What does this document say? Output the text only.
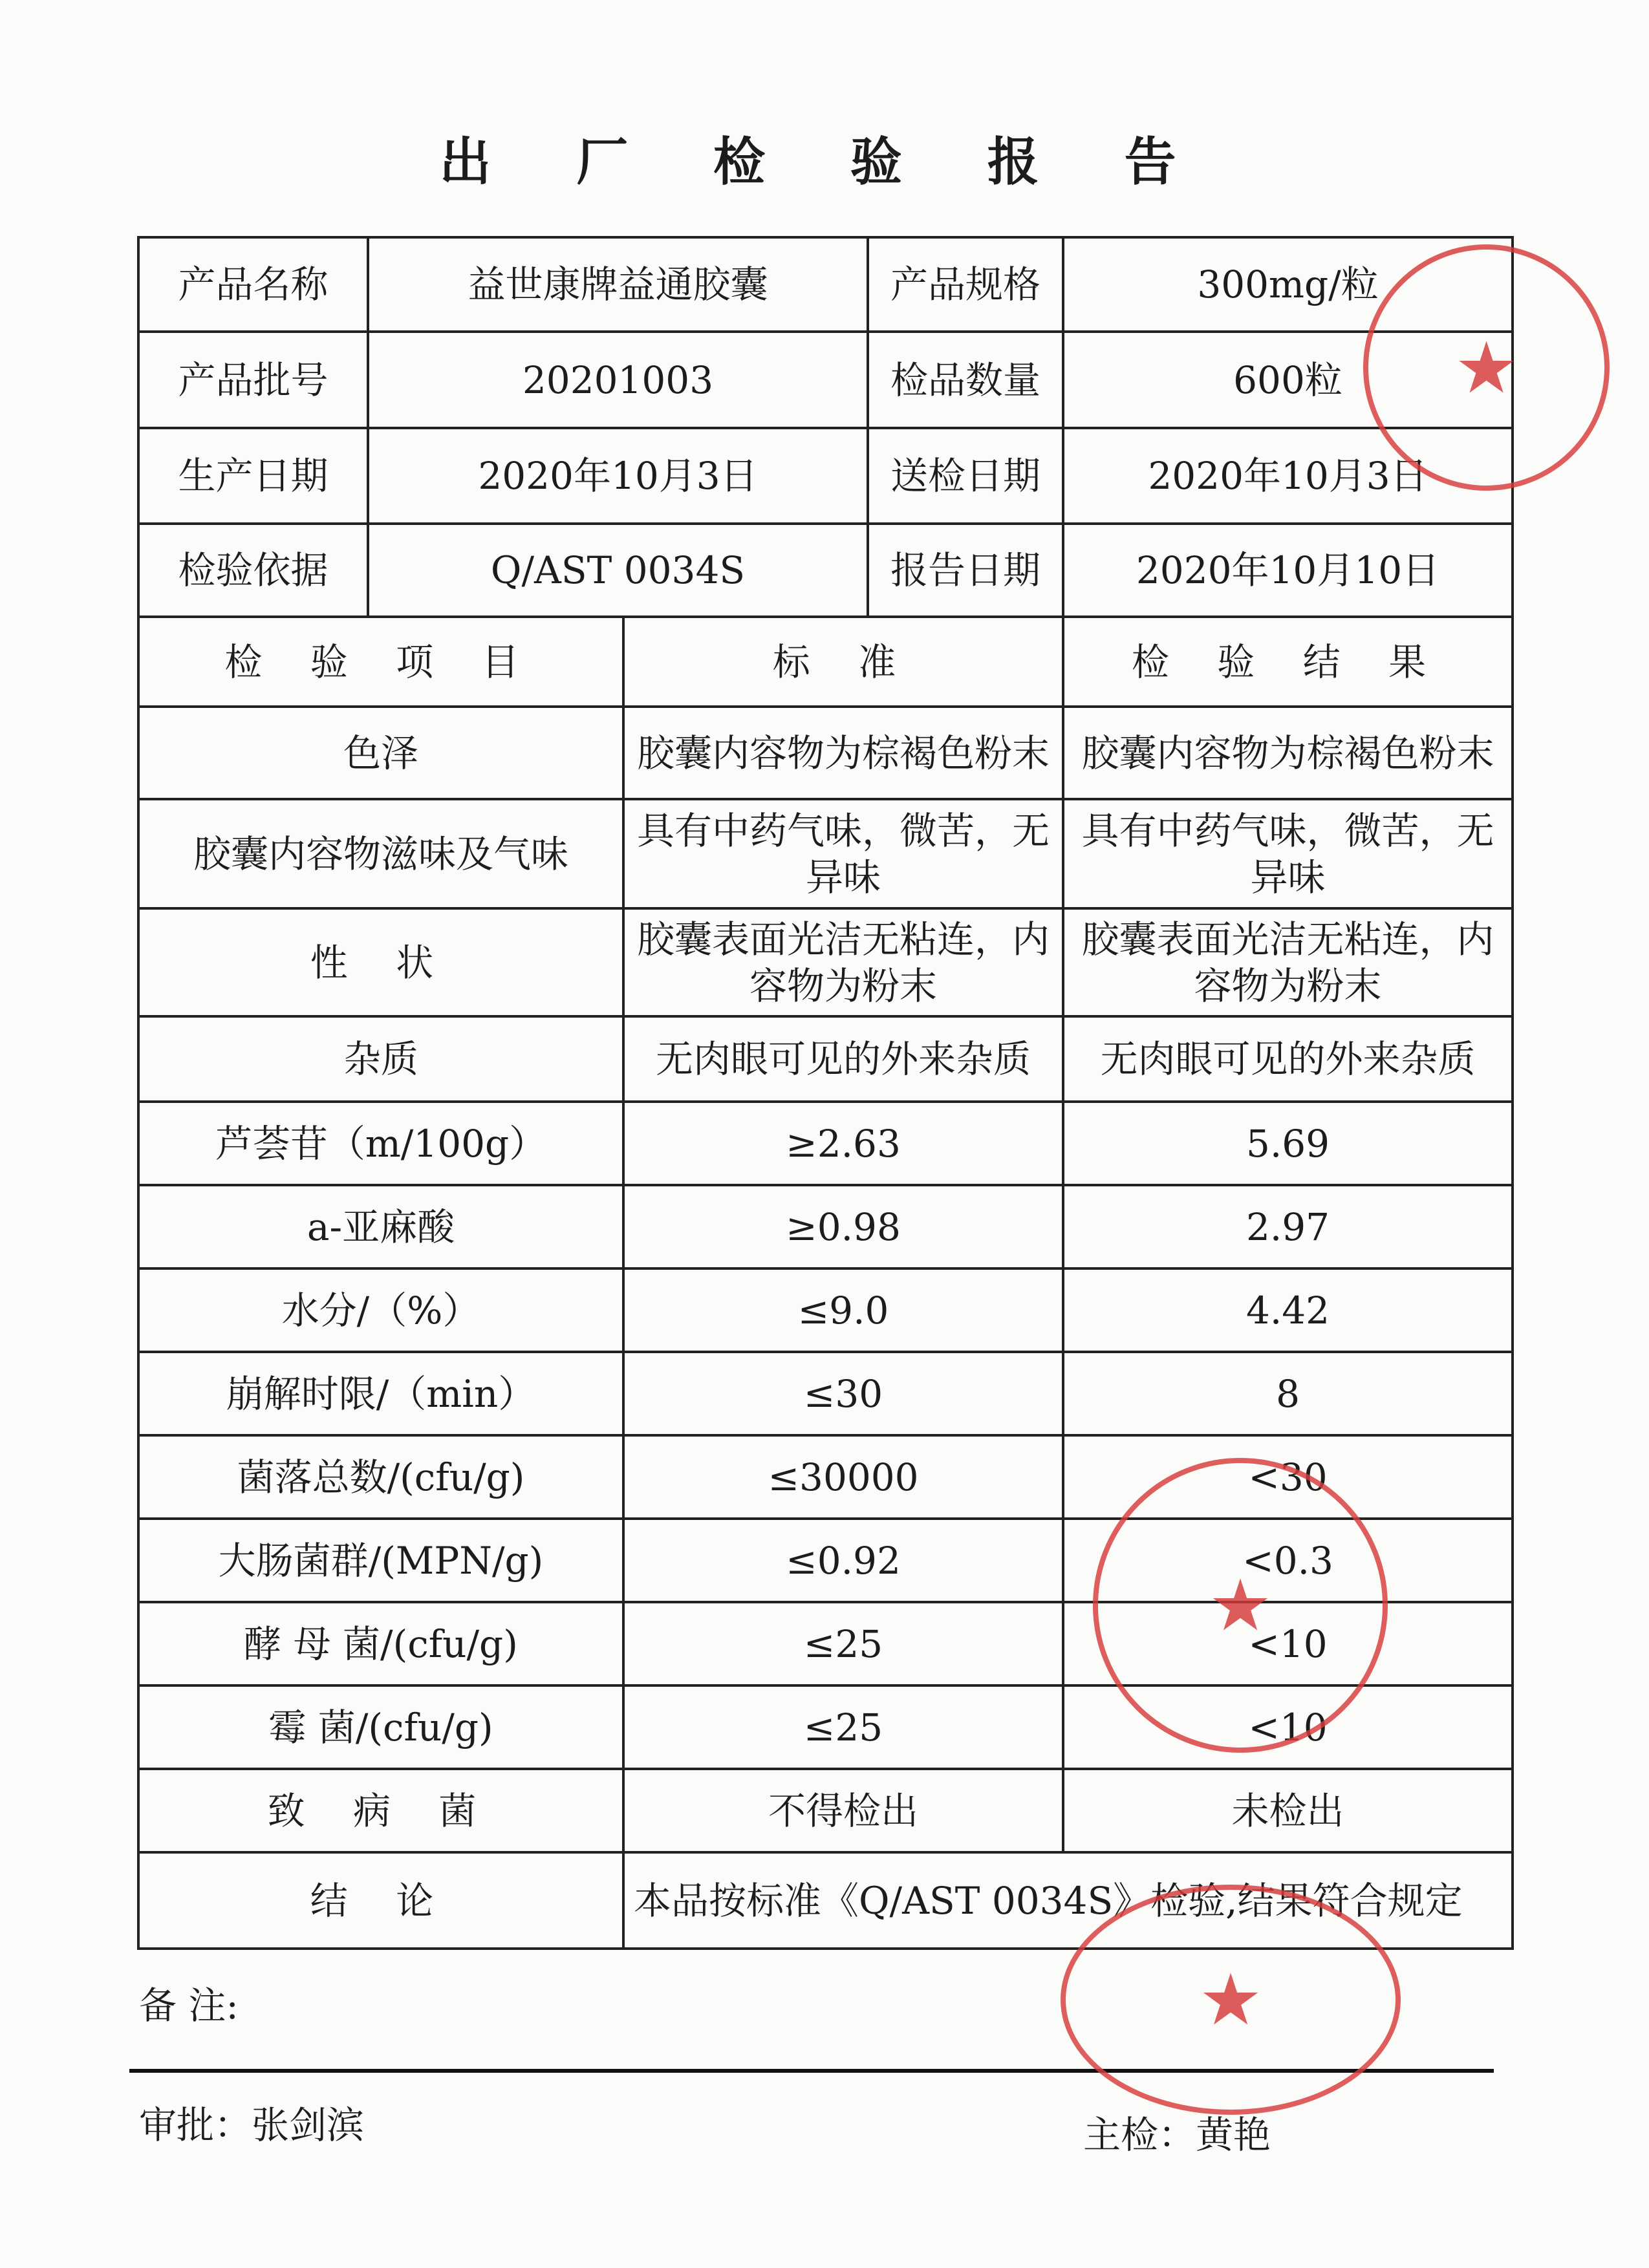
出 厂 检 验 报 告
产品名称	益世康牌益通胶囊		产品规格	300mg/粒
产品批号	20201003		检品数量	600粒
生产日期	2020年10月3日		送检日期	2020年10月3日
检验依据	Q/AST 0034S		报告日期	2020年10月10日
检 验 项 目		标 准		检 验 结 果
色泽		胶囊内容物为棕褐色粉末		胶囊内容物为棕褐色粉末
胶囊内容物滋味及气味		具有中药气味，微苦，无异味		具有中药气味，微苦，无异味
性 状		胶囊表面光洁无粘连，内容物为粉末		胶囊表面光洁无粘连，内容物为粉末
杂质		无肉眼可见的外来杂质		无肉眼可见的外来杂质
芦荟苷（m/100g）		≥2.63		5.69
a-亚麻酸		≥0.98		2.97
水分/（%）		≤9.0		4.42
崩解时限/（min）		≤30		8
菌落总数/(cfu/g)		≤30000		<30
大肠菌群/(MPN/g)		≤0.92		<0.3
酵 母 菌/(cfu/g)		≤25		<10
霉 菌/(cfu/g)		≤25		<10
致 病 菌		不得检出		未检出
结 论		本品按标准《Q/AST 0034S》检验,结果符合规定		
备 注:
审批：张剑滨	主检：黄艳
★
★
★
